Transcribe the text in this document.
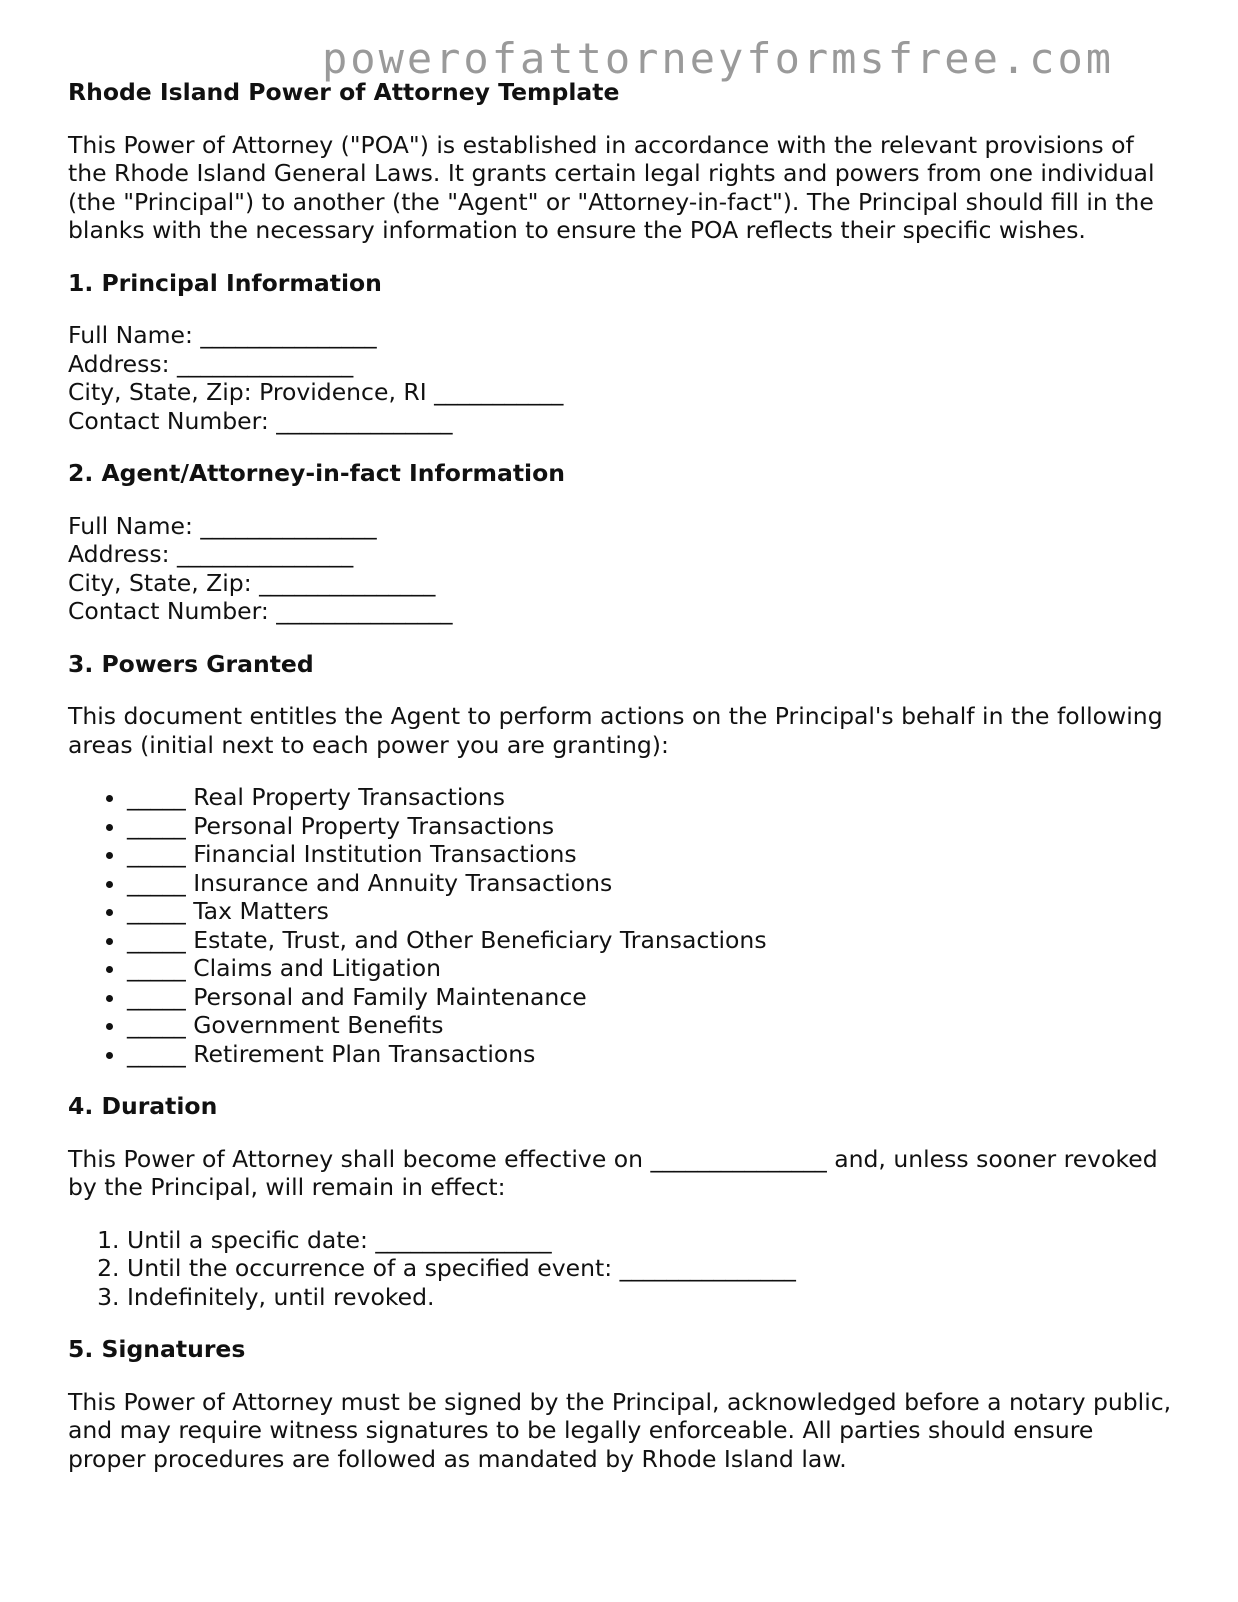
powerofattorneyformsfree.com
Rhode Island Power of Attorney Template

This Power of Attorney ("POA") is established in accordance with the relevant provisions of the Rhode Island General Laws. It grants certain legal rights and powers from one individual (the "Principal") to another (the "Agent" or "Attorney-in-fact"). The Principal should fill in the blanks with the necessary information to ensure the POA reflects their specific wishes.

1. Principal Information
Full Name: _______________
Address: _______________
City, State, Zip: Providence, RI ___________
Contact Number: _______________
2. Agent/Attorney-in-fact Information
Full Name: _______________
Address: _______________
City, State, Zip: _______________
Contact Number: _______________
3. Powers Granted

This document entitles the Agent to perform actions on the Principal's behalf in the following areas (initial next to each power you are granting):

• _____ Real Property Transactions
• _____ Personal Property Transactions
• _____ Financial Institution Transactions
• _____ Insurance and Annuity Transactions
• _____ Tax Matters
• _____ Estate, Trust, and Other Beneficiary Transactions
• _____ Claims and Litigation
• _____ Personal and Family Maintenance
• _____ Government Benefits
• _____ Retirement Plan Transactions
4. Duration

This Power of Attorney shall become effective on _______________ and, unless sooner revoked by the Principal, will remain in effect:

1. Until a specific date: _______________
2. Until the occurrence of a specified event: _______________
3. Indefinitely, until revoked.
5. Signatures

This Power of Attorney must be signed by the Principal, acknowledged before a notary public, and may require witness signatures to be legally enforceable. All parties should ensure proper procedures are followed as mandated by Rhode Island law.
